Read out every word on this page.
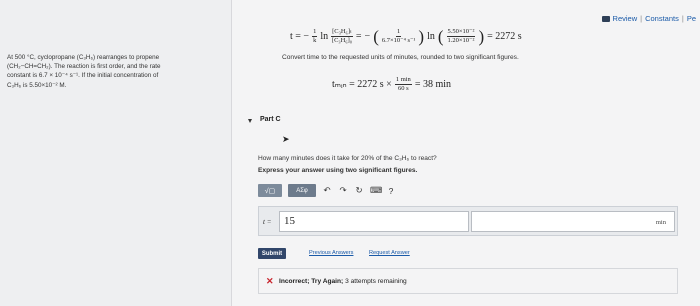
Review | Constants | Pe
At 500 °C, cyclopropane (C₃H₆) rearranges to propene
(CH₂−CH=CH₂). The reaction is first order, and the rate
constant is 6.7 × 10⁻⁴ s⁻¹. If the initial concentration of
C₃H₆ is 5.50×10⁻² M.
t = − $\frac{1}{k}$ $\ln \frac{\text{[C₃H₆]ₜ}}{\text{[C₃H₆]₀}}$ = − ( $\frac{1}{\text{6.7×10⁻⁴ s⁻¹}}$ ) ln ( $\frac{\text{5.50×10⁻²}}{\text{1.20×10⁻²}}$ ) = 2272 s
Convert time to the requested units of minutes, rounded to two significant figures.
tₘᵢₙ = 2272 $s \times \frac{1 \min}{60 s} = 38$ min
Part C
➤
How many minutes does it take for 20% of the C₃H₆ to react?
Express your answer using two significant figures.
√▢	ΑΣφ	↶ ↷ ↻ ⌨ ?
t =	15	min
Submit	Previous Answers	Request Answer
✕ Incorrect; Try Again; 3 attempts remaining
